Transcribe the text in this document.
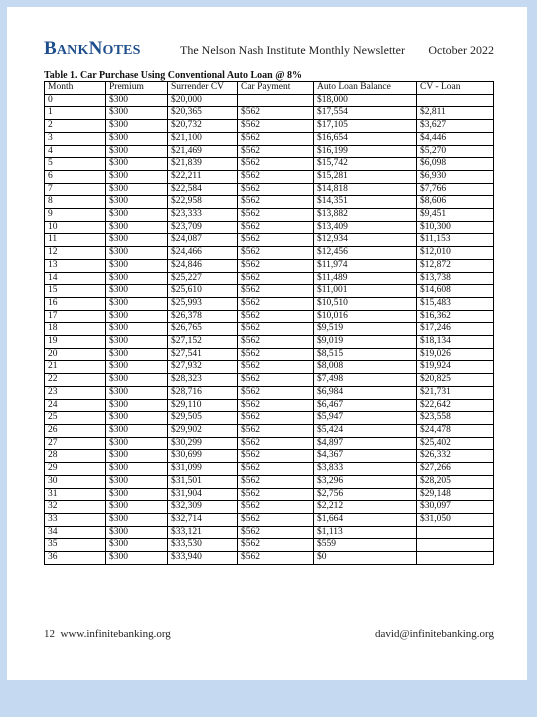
BANKNOTES	The Nelson Nash Institute Monthly Newsletter October 2022
Table 1. Car Purchase Using Conventional Auto Loan @ 8%
Month	Premium	Surrender CV	Car Payment	Auto Loan Balance	CV - Loan
0	$300	$20,000		$18,000	
1	$300	$20,365	$562	$17,554	$2,811
2	$300	$20,732	$562	$17,105	$3,627
3	$300	$21,100	$562	$16,654	$4,446
4	$300	$21,469	$562	$16,199	$5,270
5	$300	$21,839	$562	$15,742	$6,098
6	$300	$22,211	$562	$15,281	$6,930
7	$300	$22,584	$562	$14,818	$7,766
8	$300	$22,958	$562	$14,351	$8,606
9	$300	$23,333	$562	$13,882	$9,451
10	$300	$23,709	$562	$13,409	$10,300
11	$300	$24,087	$562	$12,934	$11,153
12	$300	$24,466	$562	$12,456	$12,010
13	$300	$24,846	$562	$11,974	$12,872
14	$300	$25,227	$562	$11,489	$13,738
15	$300	$25,610	$562	$11,001	$14,608
16	$300	$25,993	$562	$10,510	$15,483
17	$300	$26,378	$562	$10,016	$16,362
18	$300	$26,765	$562	$9,519	$17,246
19	$300	$27,152	$562	$9,019	$18,134
20	$300	$27,541	$562	$8,515	$19,026
21	$300	$27,932	$562	$8,008	$19,924
22	$300	$28,323	$562	$7,498	$20,825
23	$300	$28,716	$562	$6,984	$21,731
24	$300	$29,110	$562	$6,467	$22,642
25	$300	$29,505	$562	$5,947	$23,558
26	$300	$29,902	$562	$5,424	$24,478
27	$300	$30,299	$562	$4,897	$25,402
28	$300	$30,699	$562	$4,367	$26,332
29	$300	$31,099	$562	$3,833	$27,266
30	$300	$31,501	$562	$3,296	$28,205
31	$300	$31,904	$562	$2,756	$29,148
32	$300	$32,309	$562	$2,212	$30,097
33	$300	$32,714	$562	$1,664	$31,050
34	$300	$33,121	$562	$1,113	
35	$300	$33,530	$562	$559	
36	$300	$33,940	$562	$0	
12 www.infinitebanking.org	david@infinitebanking.org
